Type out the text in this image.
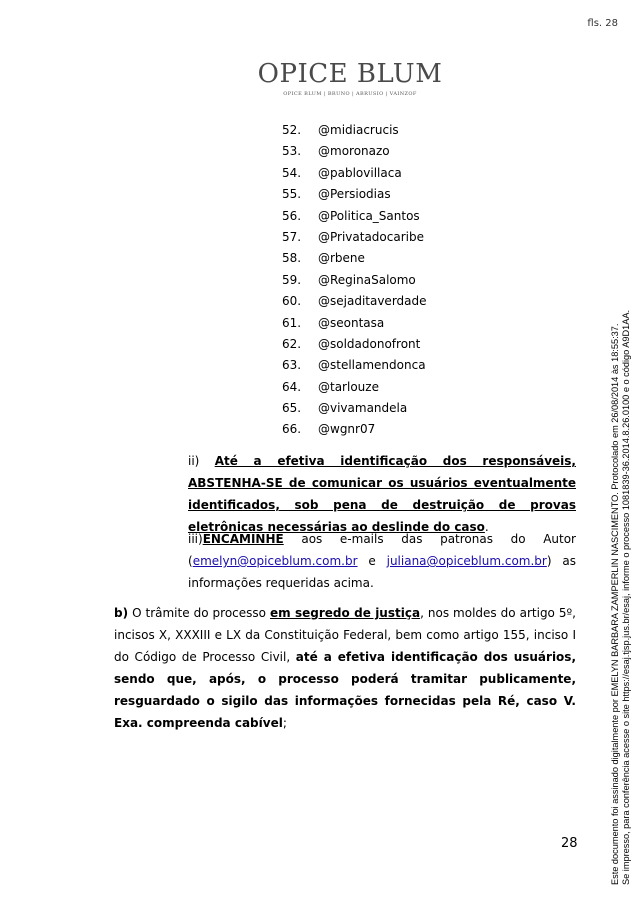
fls. 28
OPICE BLUM
OPICE BLUM | BRUNO | ABRUSIO | VAINZOF
52.	@midiacrucis
53.	@moronazo
54.	@pablovillaca
55.	@Persiodias
56.	@Politica_Santos
57.	@Privatadocaribe
58.	@rbene
59.	@ReginaSalomo
60.	@sejaditaverdade
61.	@seontasa
62.	@soldadonofront
63.	@stellamendonca
64.	@tarlouze
65.	@vivamandela
66.	@wgnr07
ii) Até a efetiva identificação dos responsáveis, ABSTENHA-SE de comunicar os usuários eventualmente identificados, sob pena de destruição de provas eletrônicas necessárias ao deslinde do caso.
iii)ENCAMINHE aos e-mails das patronas do Autor (emelyn@opiceblum.com.br e juliana@opiceblum.com.br) as informações requeridas acima.
b) O trâmite do processo em segredo de justiça, nos moldes do artigo 5º, incisos X, XXXIII e LX da Constituição Federal, bem como artigo 155, inciso I do Código de Processo Civil, até a efetiva identificação dos usuários, sendo que, após, o processo poderá tramitar publicamente, resguardado o sigilo das informações fornecidas pela Ré, caso V. Exa. compreenda cabível;
28	Este documento foi assinado digitalmente por EMELYN BARBARA ZAMPERLIN NASCIMENTO. Protocolado em 26/08/2014 às 18:55:37. Se impresso, para conferência acesse o site https://esaj.tjsp.jus.br/esaj, informe o processo 1081839-36.2014.8.26.0100 e o código A9D1AA.
